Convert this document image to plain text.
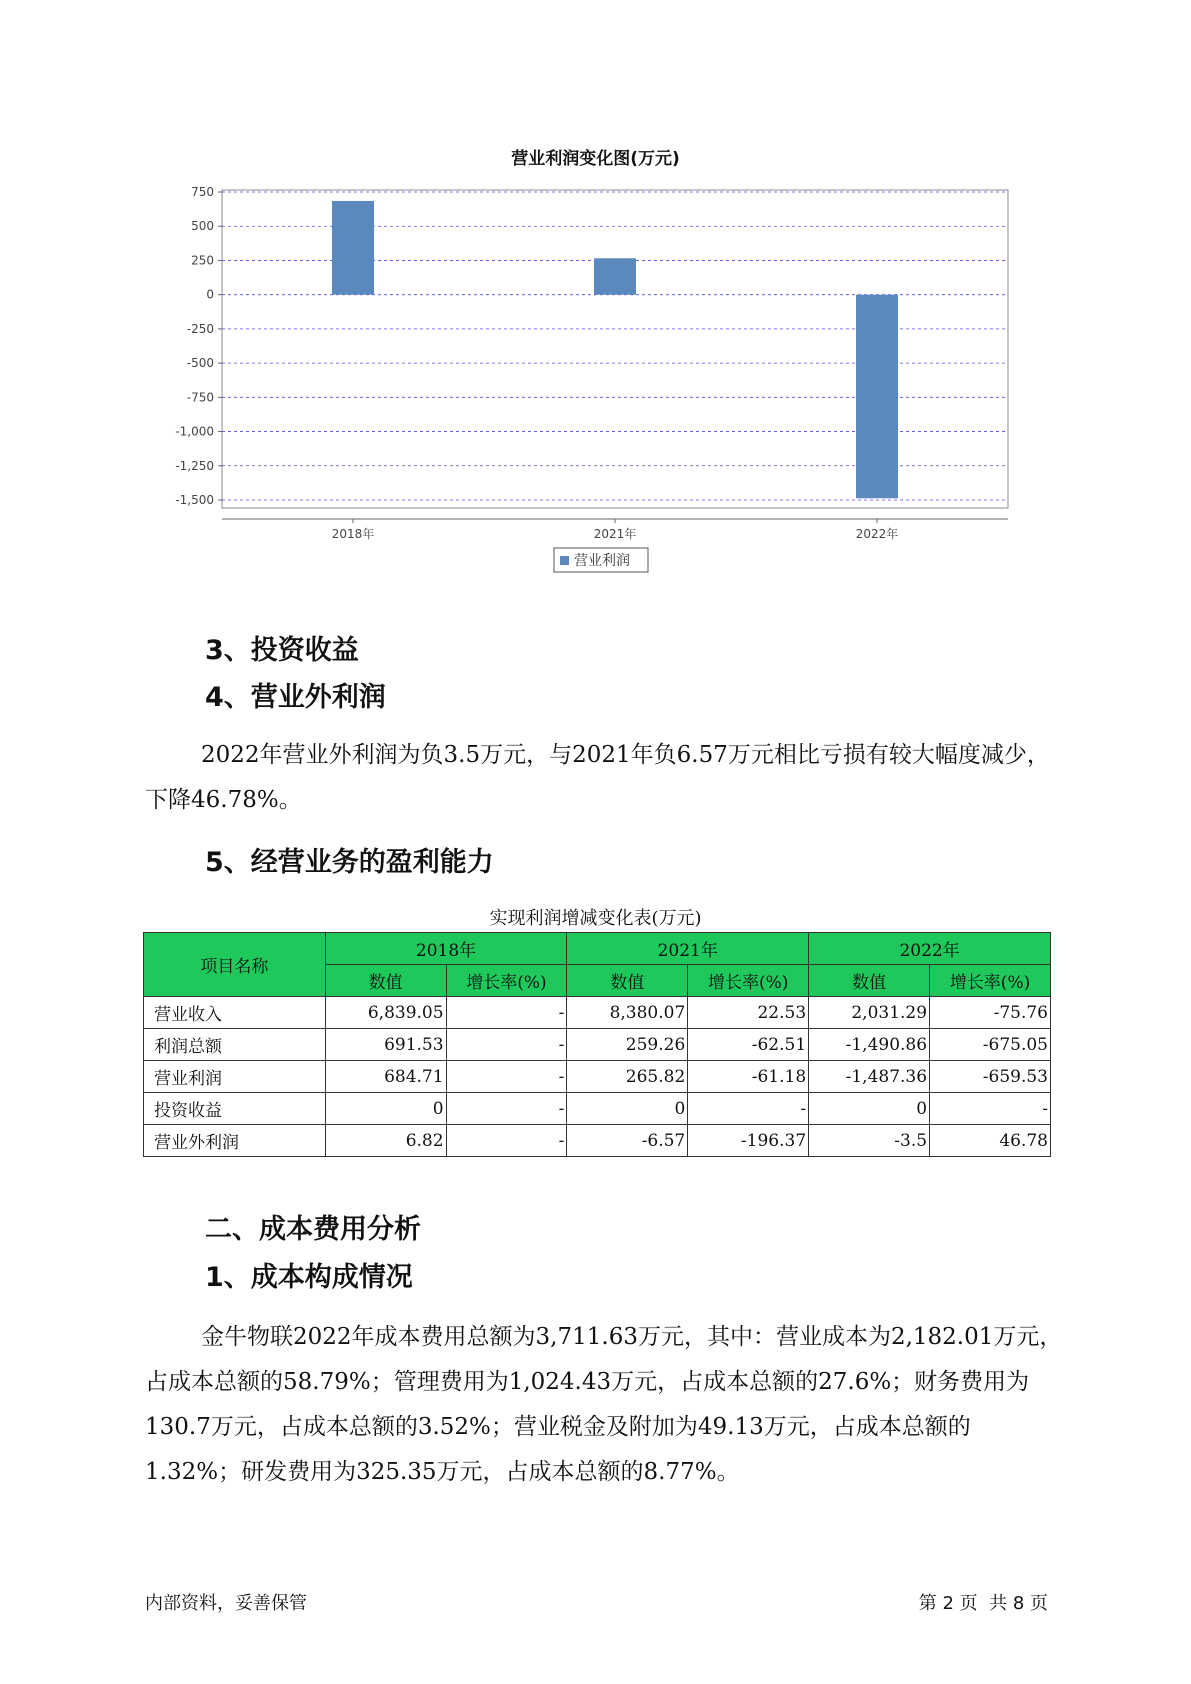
营业利润变化图(万元)
750
500
250
0
-250
-500
-750
-1,000
-1,250
-1,500
2018年	2021年	2022年
营业利润
3、投资收益
4、营业外利润

2022年营业外利润为负3.5万元，与2021年负6.57万元相比亏损有较大幅度减少，下降46.78%。

5、经营业务的盈利能力
实现利润增减变化表(万元)
项目名称	2018年		2021年		2022年	
	数值	增长率(%)	数值	增长率(%)	数值	增长率(%)
营业收入	6,839.05	-	8,380.07	22.53	2,031.29	-75.76
利润总额	691.53	-	259.26	-62.51	-1,490.86	-675.05
营业利润	684.71	-	265.82	-61.18	-1,487.36	-659.53
投资收益	0	-	0	-	0	-
营业外利润	6.82	-	-6.57	-196.37	-3.5	46.78
二、成本费用分析
1、成本构成情况

金牛物联2022年成本费用总额为3,711.63万元，其中：营业成本为2,182.01万元，占成本总额的58.79%；管理费用为1,024.43万元，占成本总额的27.6%；财务费用为130.7万元，占成本总额的3.52%；营业税金及附加为49.13万元，占成本总额的1.32%；研发费用为325.35万元，占成本总额的8.77%。

内部资料，妥善保管	第 2 页  共 8 页
